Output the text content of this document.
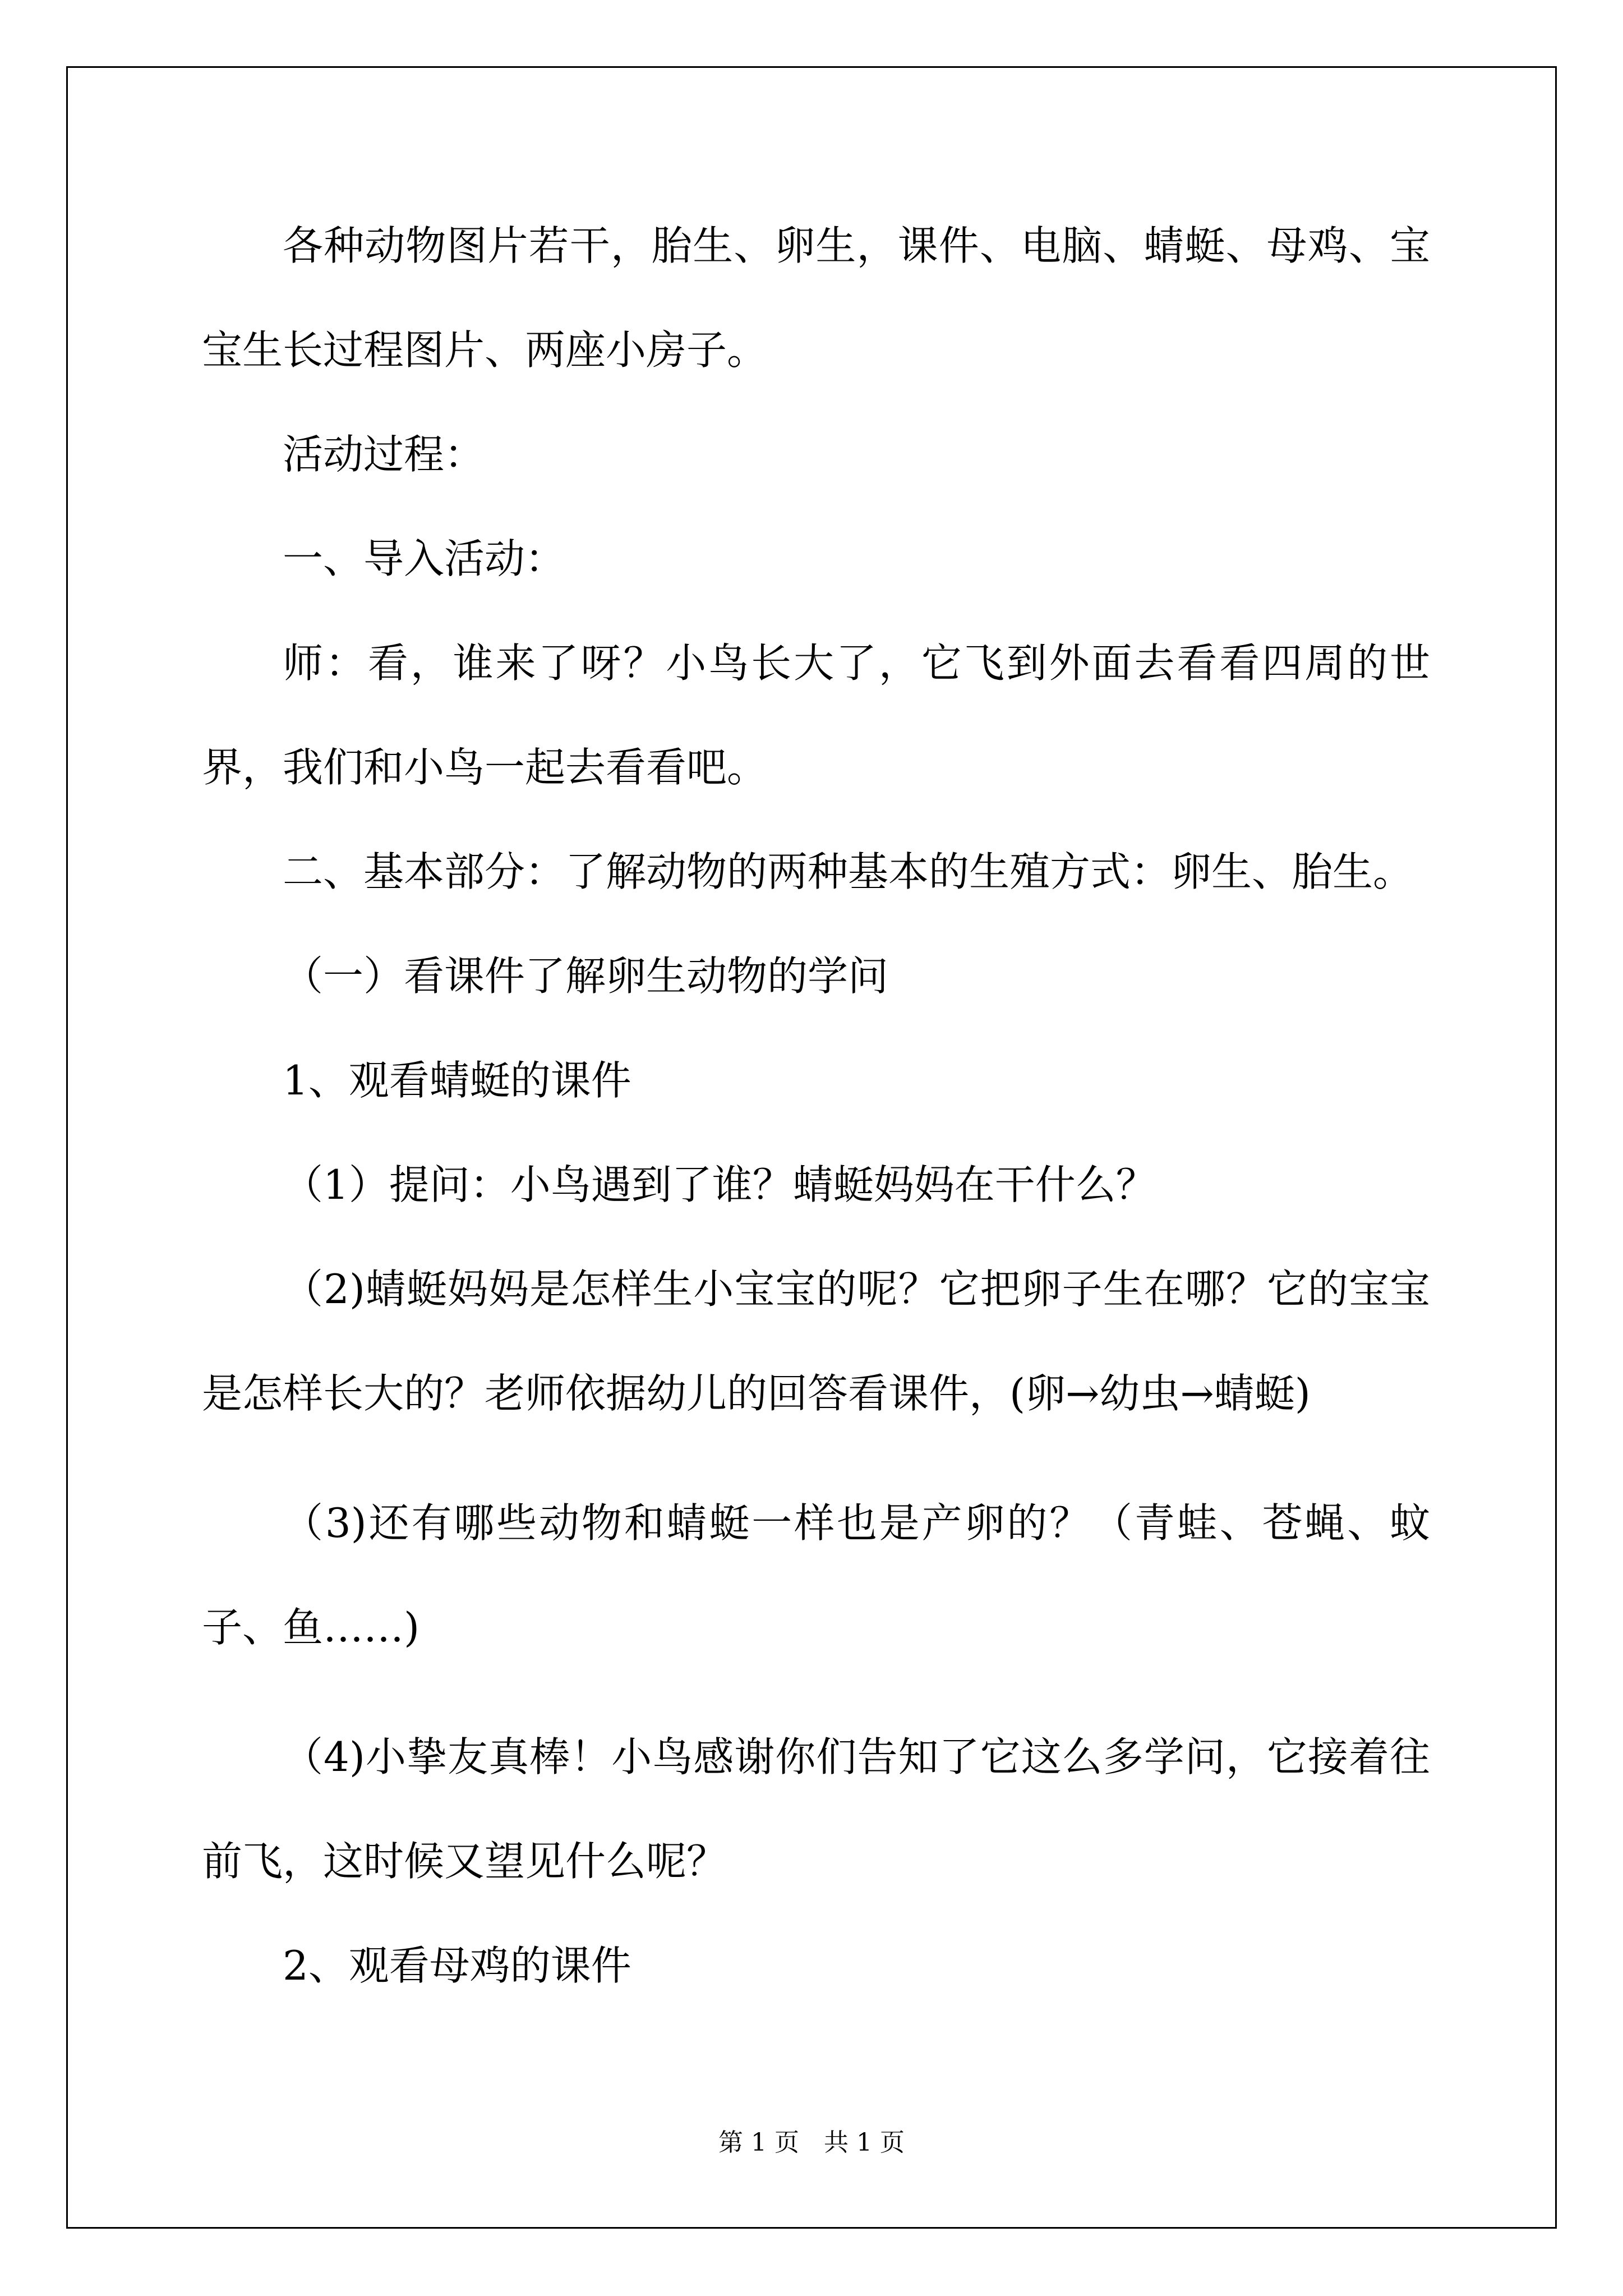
各种动物图片若干，胎生、卵生，课件、电脑、蜻蜓、母鸡、宝宝生长过程图片、两座小房子。

活动过程：

一、导入活动：

师：看，谁来了呀？小鸟长大了，它飞到外面去看看四周的世界，我们和小鸟一起去看看吧。

二、基本部分：了解动物的两种基本的生殖方式：卵生、胎生。

（一）看课件了解卵生动物的学问

1、观看蜻蜓的课件

（1）提问：小鸟遇到了谁？蜻蜓妈妈在干什么？

（2)蜻蜓妈妈是怎样生小宝宝的呢？它把卵子生在哪？它的宝宝是怎样长大的？老师依据幼儿的回答看课件，(卵→幼虫→蜻蜓)

（3)还有哪些动物和蜻蜓一样也是产卵的？（青蛙、苍蝇、蚊子、鱼……)

（4)小挚友真棒！小鸟感谢你们告知了它这么多学问，它接着往前飞，这时候又望见什么呢？

2、观看母鸡的课件

第 1 页　共 1 页
